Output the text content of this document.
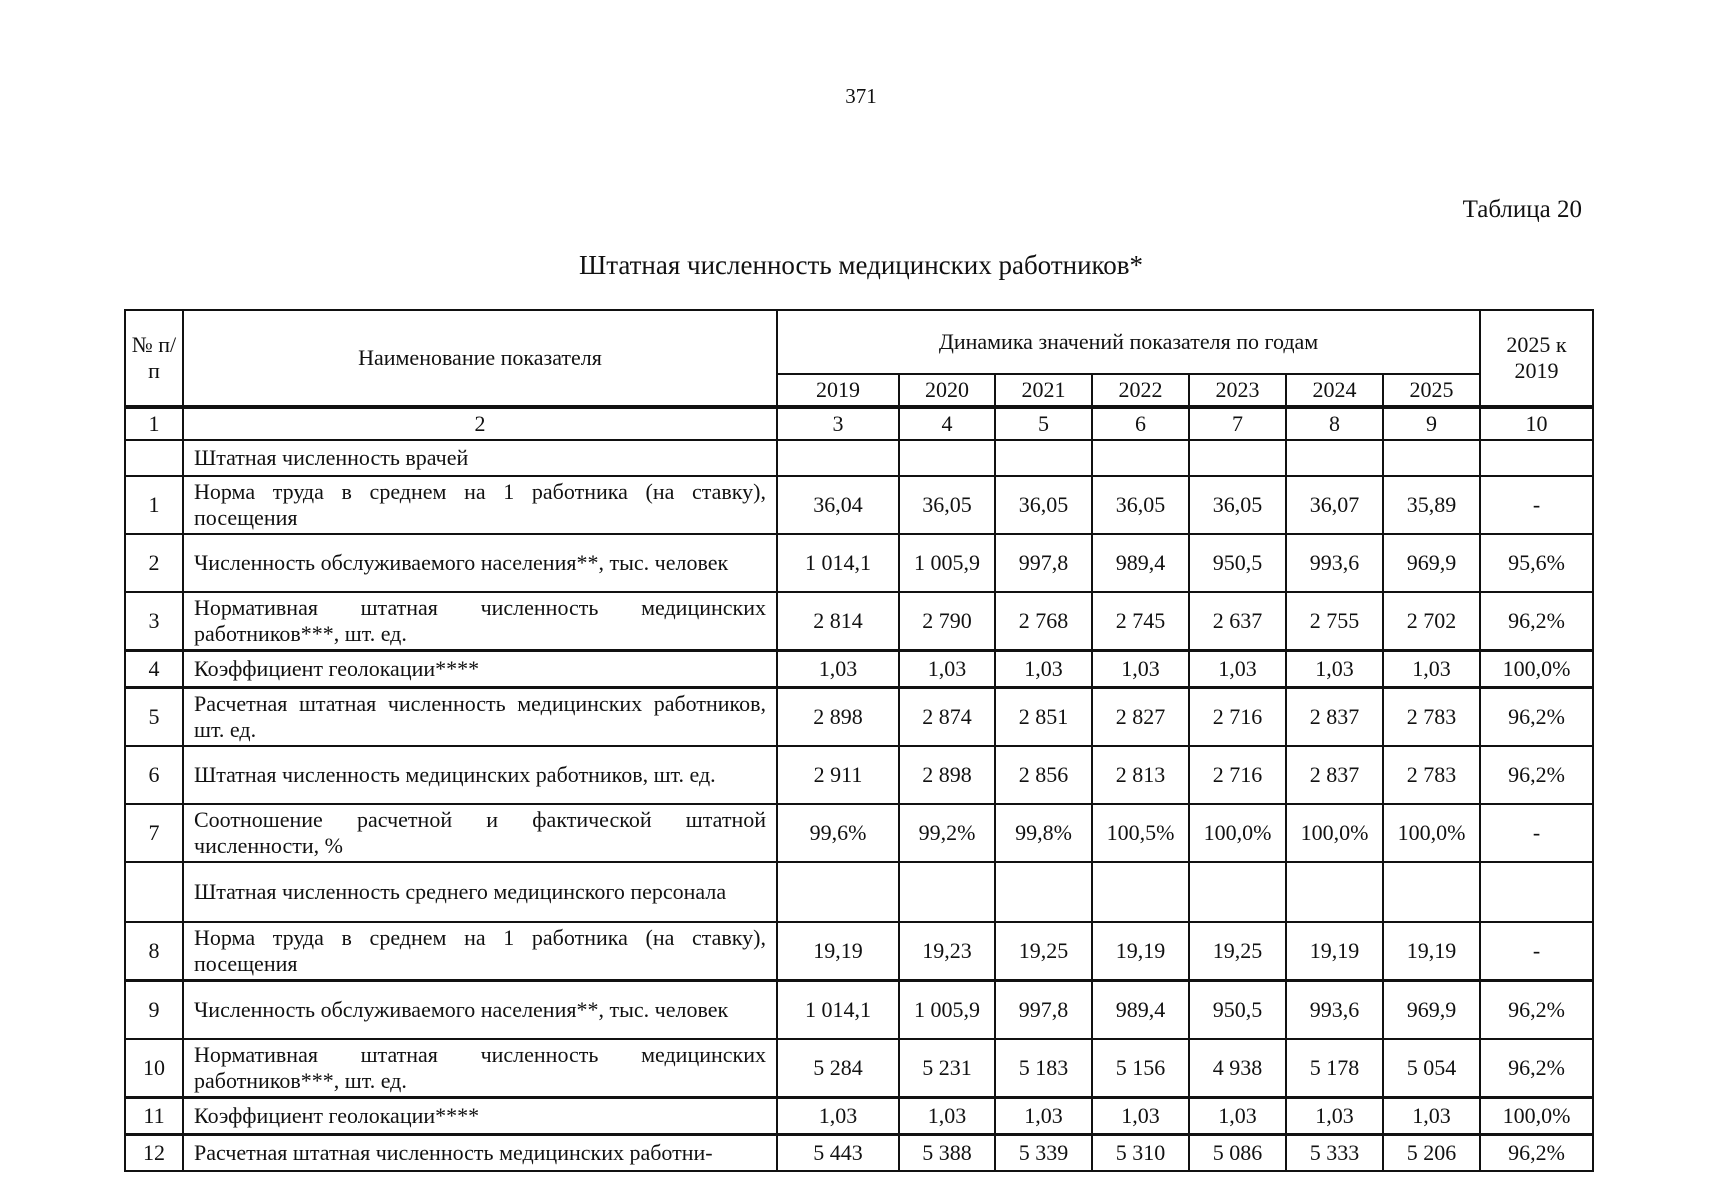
371
Таблица 20
Штатная численность медицинских работников*
№ п/п	Наименование показателя	Динамика значений показателя по годам							2025 к 2019
		2019	2020	2021	2022	2023	2024	2025	
1	2	3	4	5	6	7	8	9	10
	Штатная численность врачей								
1	Норма труда в среднем на 1 работника (на ставку), посещения	36,04	36,05	36,05	36,05	36,05	36,07	35,89	-
2	Численность обслуживаемого населения**, тыс. человек	1 014,1	1 005,9	997,8	989,4	950,5	993,6	969,9	95,6%
3	Нормативная штатная численность медицинских работников***, шт. ед.	2 814	2 790	2 768	2 745	2 637	2 755	2 702	96,2%
4	Коэффициент геолокации****	1,03	1,03	1,03	1,03	1,03	1,03	1,03	100,0%
5	Расчетная штатная численность медицинских работников, шт. ед.	2 898	2 874	2 851	2 827	2 716	2 837	2 783	96,2%
6	Штатная численность медицинских работников, шт. ед.	2 911	2 898	2 856	2 813	2 716	2 837	2 783	96,2%
7	Соотношение расчетной и фактической штатной численности, %	99,6%	99,2%	99,8%	100,5%	100,0%	100,0%	100,0%	-
	Штатная численность среднего медицинского персонала								
8	Норма труда в среднем на 1 работника (на ставку), посещения	19,19	19,23	19,25	19,19	19,25	19,19	19,19	-
9	Численность обслуживаемого населения**, тыс. человек	1 014,1	1 005,9	997,8	989,4	950,5	993,6	969,9	96,2%
10	Нормативная штатная численность медицинских работников***, шт. ед.	5 284	5 231	5 183	5 156	4 938	5 178	5 054	96,2%
11	Коэффициент геолокации****	1,03	1,03	1,03	1,03	1,03	1,03	1,03	100,0%
12	Расчетная штатная численность медицинских работни-	5 443	5 388	5 339	5 310	5 086	5 333	5 206	96,2%
